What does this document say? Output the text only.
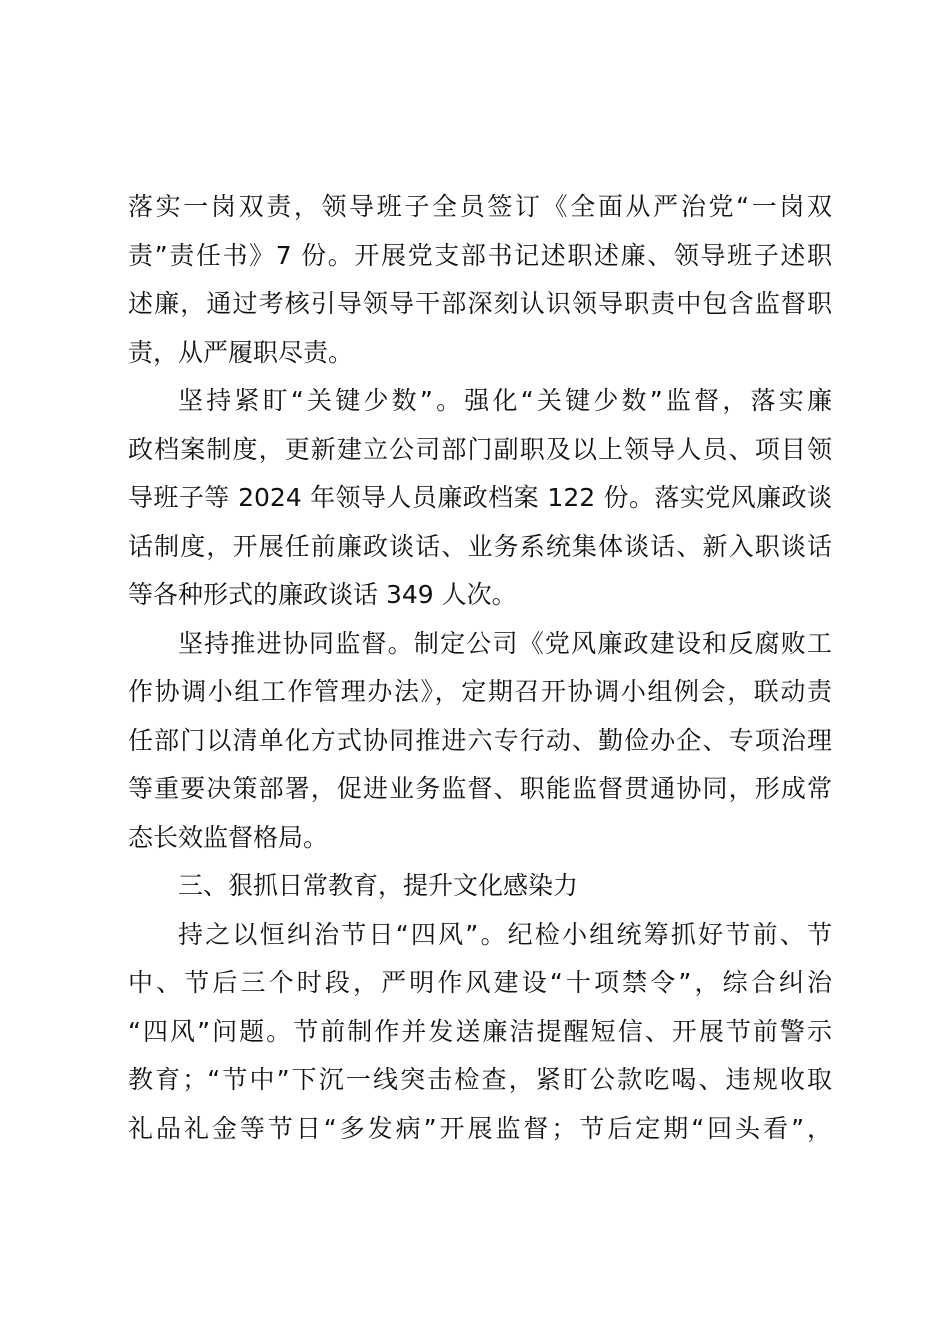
落实一岗双责，领导班子全员签订《全面从严治党“一岗双
责”责任书》7 份。开展党支部书记述职述廉、领导班子述职
述廉，通过考核引导领导干部深刻认识领导职责中包含监督职
责，从严履职尽责。
坚持紧盯“关键少数”。强化“关键少数”监督，落实廉
政档案制度，更新建立公司部门副职及以上领导人员、项目领
导班子等 2024 年领导人员廉政档案 122 份。落实党风廉政谈
话制度，开展任前廉政谈话、业务系统集体谈话、新入职谈话
等各种形式的廉政谈话 349 人次。
坚持推进协同监督。制定公司《党风廉政建设和反腐败工
作协调小组工作管理办法》，定期召开协调小组例会，联动责
任部门以清单化方式协同推进六专行动、勤俭办企、专项治理
等重要决策部署，促进业务监督、职能监督贯通协同，形成常
态长效监督格局。
三、狠抓日常教育，提升文化感染力
持之以恒纠治节日“四风”。纪检小组统筹抓好节前、节
中、节后三个时段，严明作风建设“十项禁令”，综合纠治
“四风”问题。节前制作并发送廉洁提醒短信、开展节前警示
教育；“节中”下沉一线突击检查，紧盯公款吃喝、违规收取
礼品礼金等节日“多发病”开展监督；节后定期“回头看”，
